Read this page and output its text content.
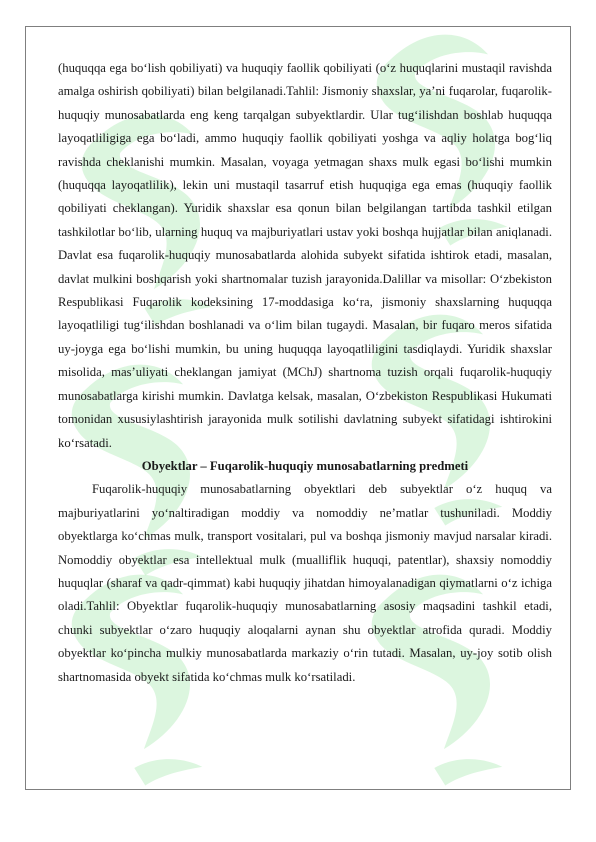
(huquqqa ega bo‘lish qobiliyati) va huquqiy faollik qobiliyati (o‘z huquqlarini mustaqil ravishda amalga oshirish qobiliyati) bilan belgilanadi.Tahlil: Jismoniy shaxslar, ya’ni fuqarolar, fuqarolik-huquqiy munosabatlarda eng keng tarqalgan subyektlardir. Ular tug‘ilishdan boshlab huquqqa layoqatliligiga ega bo‘ladi, ammo huquqiy faollik qobiliyati yoshga va aqliy holatga bog‘liq ravishda cheklanishi mumkin. Masalan, voyaga yetmagan shaxs mulk egasi bo‘lishi mumkin (huquqqa layoqatlilik), lekin uni mustaqil tasarruf etish huquqiga ega emas (huquqiy faollik qobiliyati cheklangan). Yuridik shaxslar esa qonun bilan belgilangan tartibda tashkil etilgan tashkilotlar bo‘lib, ularning huquq va majburiyatlari ustav yoki boshqa hujjatlar bilan aniqlanadi. Davlat esa fuqarolik-huquqiy munosabatlarda alohida subyekt sifatida ishtirok etadi, masalan, davlat mulkini boshqarish yoki shartnomalar tuzish jarayonida.Dalillar va misollar: O‘zbekiston Respublikasi Fuqarolik kodeksining 17-moddasiga ko‘ra, jismoniy shaxslarning huquqqa layoqatliligi tug‘ilishdan boshlanadi va o‘lim bilan tugaydi. Masalan, bir fuqaro meros sifatida uy-joyga ega bo‘lishi mumkin, bu uning huquqqa layoqatliligini tasdiqlaydi. Yuridik shaxslar misolida, mas’uliyati cheklangan jamiyat (MChJ) shartnoma tuzish orqali fuqarolik-huquqiy munosabatlarga kirishi mumkin. Davlatga kelsak, masalan, O‘zbekiston Respublikasi Hukumati tomonidan xususiylashtirish jarayonida mulk sotilishi davlatning subyekt sifatidagi ishtirokini ko‘rsatadi.

Obyektlar – Fuqarolik-huquqiy munosabatlarning predmeti

Fuqarolik-huquqiy munosabatlarning obyektlari deb subyektlar o‘z huquq va majburiyatlarini yo‘naltiradigan moddiy va nomoddiy ne’matlar tushuniladi. Moddiy obyektlarga ko‘chmas mulk, transport vositalari, pul va boshqa jismoniy mavjud narsalar kiradi. Nomoddiy obyektlar esa intellektual mulk (mualliflik huquqi, patentlar), shaxsiy nomoddiy huquqlar (sharaf va qadr-qimmat) kabi huquqiy jihatdan himoyalanadigan qiymatlarni o‘z ichiga oladi.Tahlil: Obyektlar fuqarolik-huquqiy munosabatlarning asosiy maqsadini tashkil etadi, chunki subyektlar o‘zaro huquqiy aloqalarni aynan shu obyektlar atrofida quradi. Moddiy obyektlar ko‘pincha mulkiy munosabatlarda markaziy o‘rin tutadi. Masalan, uy-joy sotib olish shartnomasida obyekt sifatida ko‘chmas mulk ko‘rsatiladi.
